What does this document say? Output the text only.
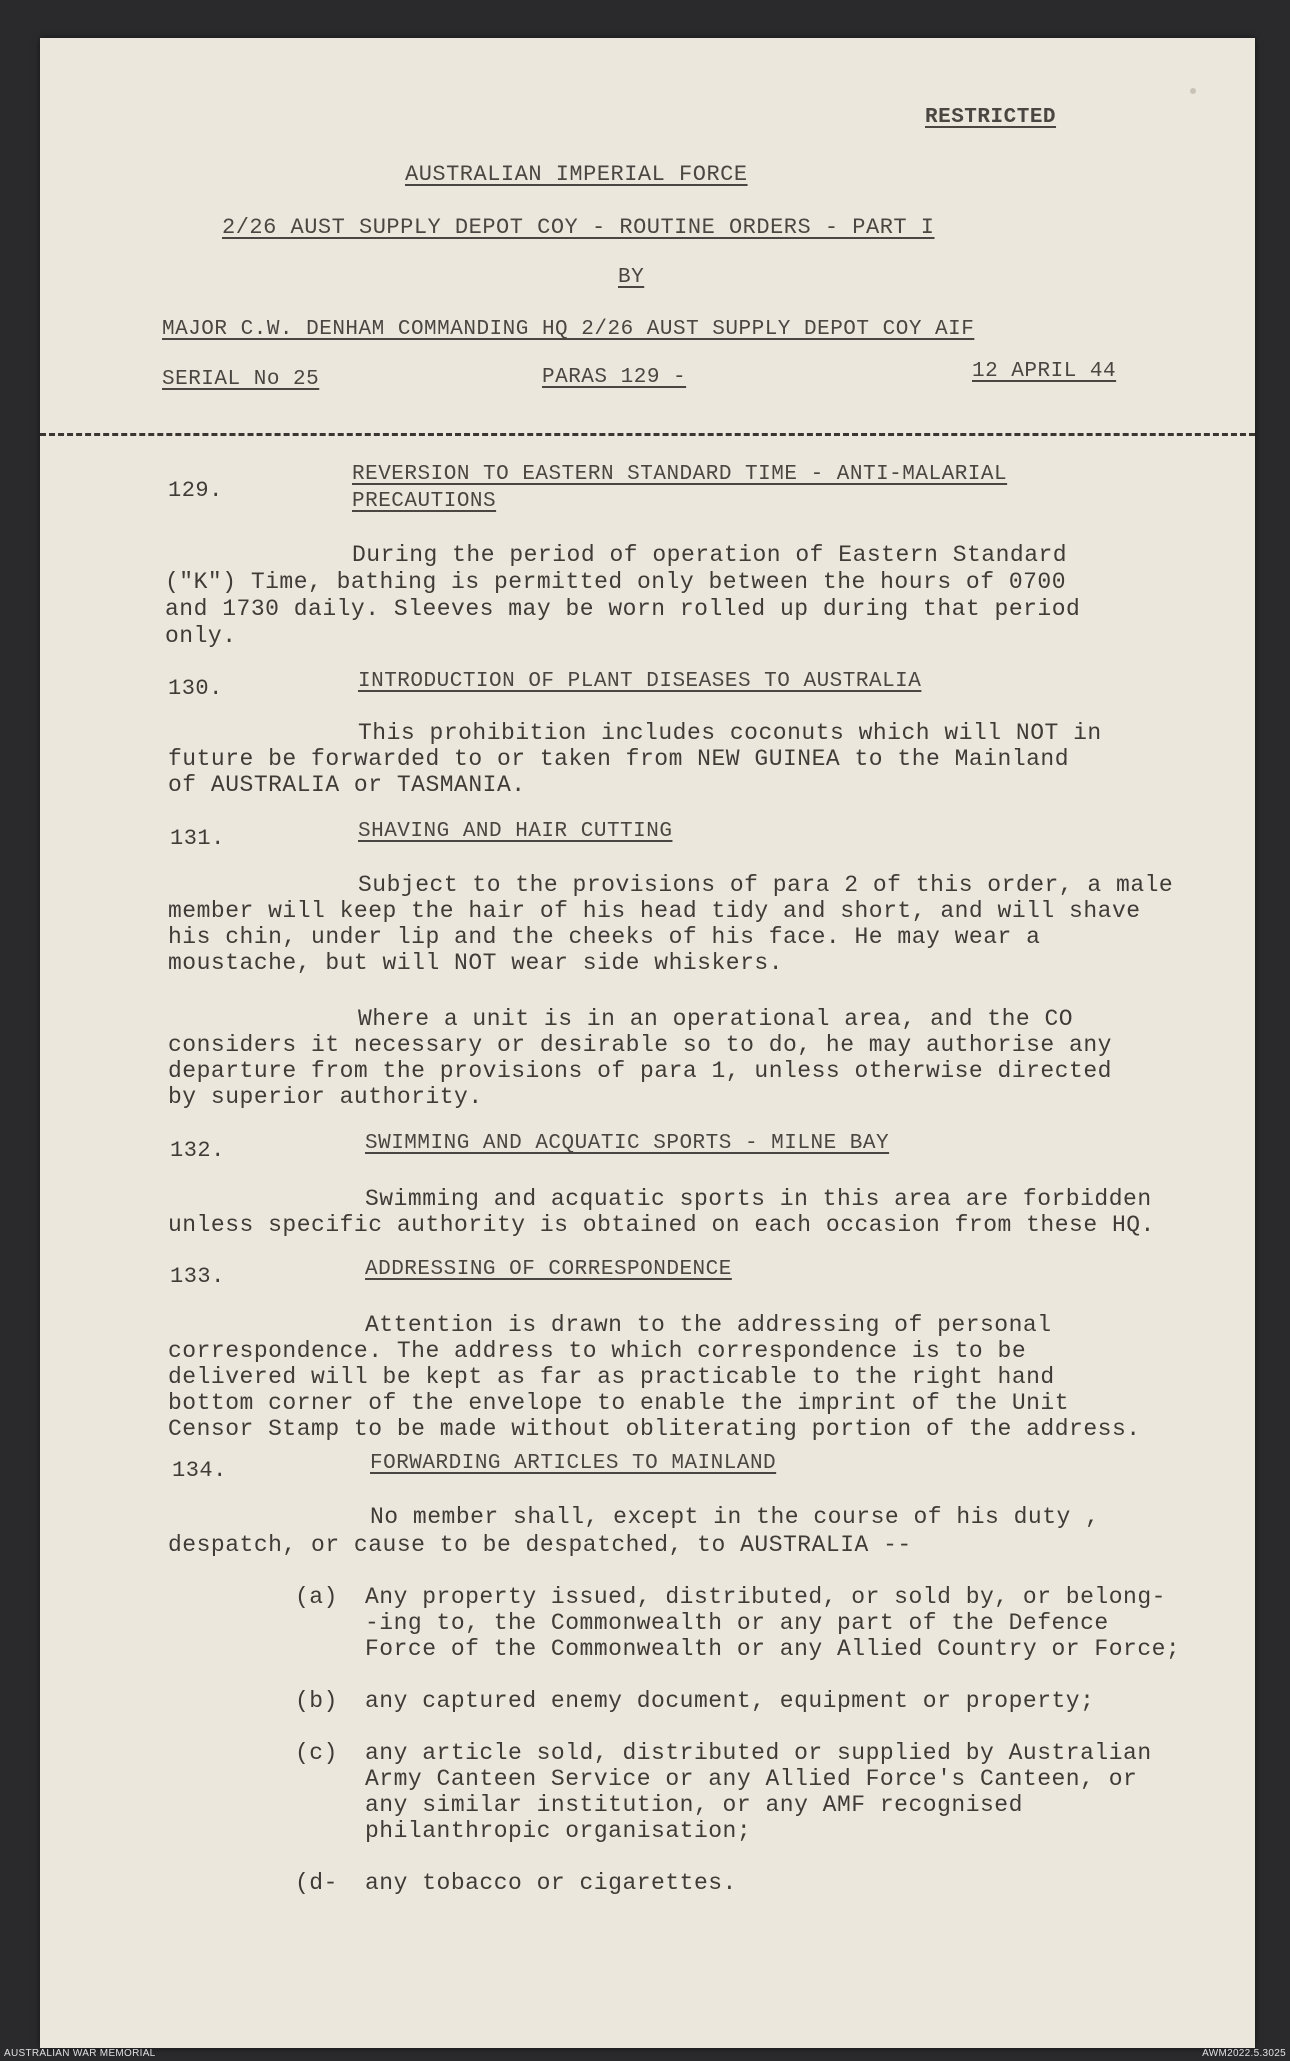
RESTRICTED
AUSTRALIAN IMPERIAL FORCE
2/26 AUST SUPPLY DEPOT COY - ROUTINE ORDERS - PART I
BY
MAJOR C.W. DENHAM COMMANDING HQ 2/26 AUST SUPPLY DEPOT COY AIF
SERIAL No 25	PARAS 129 -	12 APRIL 44
129.
REVERSION TO EASTERN STANDARD TIME - ANTI-MALARIAL
PRECAUTIONS
During the period of operation of Eastern Standard
("K") Time, bathing is permitted only between the hours of 0700
and 1730 daily. Sleeves may be worn rolled up during that period
only.
130.	INTRODUCTION OF PLANT DISEASES TO AUSTRALIA
This prohibition includes coconuts which will NOT in
future be forwarded to or taken from NEW GUINEA to the Mainland
of AUSTRALIA or TASMANIA.
131.	SHAVING AND HAIR CUTTING
Subject to the provisions of para 2 of this order, a male
member will keep the hair of his head tidy and short, and will shave
his chin, under lip and the cheeks of his face. He may wear a
moustache, but will NOT wear side whiskers.
Where a unit is in an operational area, and the CO
considers it necessary or desirable so to do, he may authorise any
departure from the provisions of para 1, unless otherwise directed
by superior authority.
132.	SWIMMING AND ACQUATIC SPORTS - MILNE BAY
Swimming and acquatic sports in this area are forbidden
unless specific authority is obtained on each occasion from these HQ.
133.	ADDRESSING OF CORRESPONDENCE
Attention is drawn to the addressing of personal
correspondence. The address to which correspondence is to be
delivered will be kept as far as practicable to the right hand
bottom corner of the envelope to enable the imprint of the Unit
Censor Stamp to be made without obliterating portion of the address.
134.	FORWARDING ARTICLES TO MAINLAND
No member shall, except in the course of his duty ,
despatch, or cause to be despatched, to AUSTRALIA --
(a) Any property issued, distributed, or sold by, or belong-
-ing to, the Commonwealth or any part of the Defence
Force of the Commonwealth or any Allied Country or Force;
(b) any captured enemy document, equipment or property;
(c) any article sold, distributed or supplied by Australian
Army Canteen Service or any Allied Force's Canteen, or
any similar institution, or any AMF recognised
philanthropic organisation;
(d- any tobacco or cigarettes.
AUSTRALIAN WAR MEMORIAL	AWM2022.5.3025
